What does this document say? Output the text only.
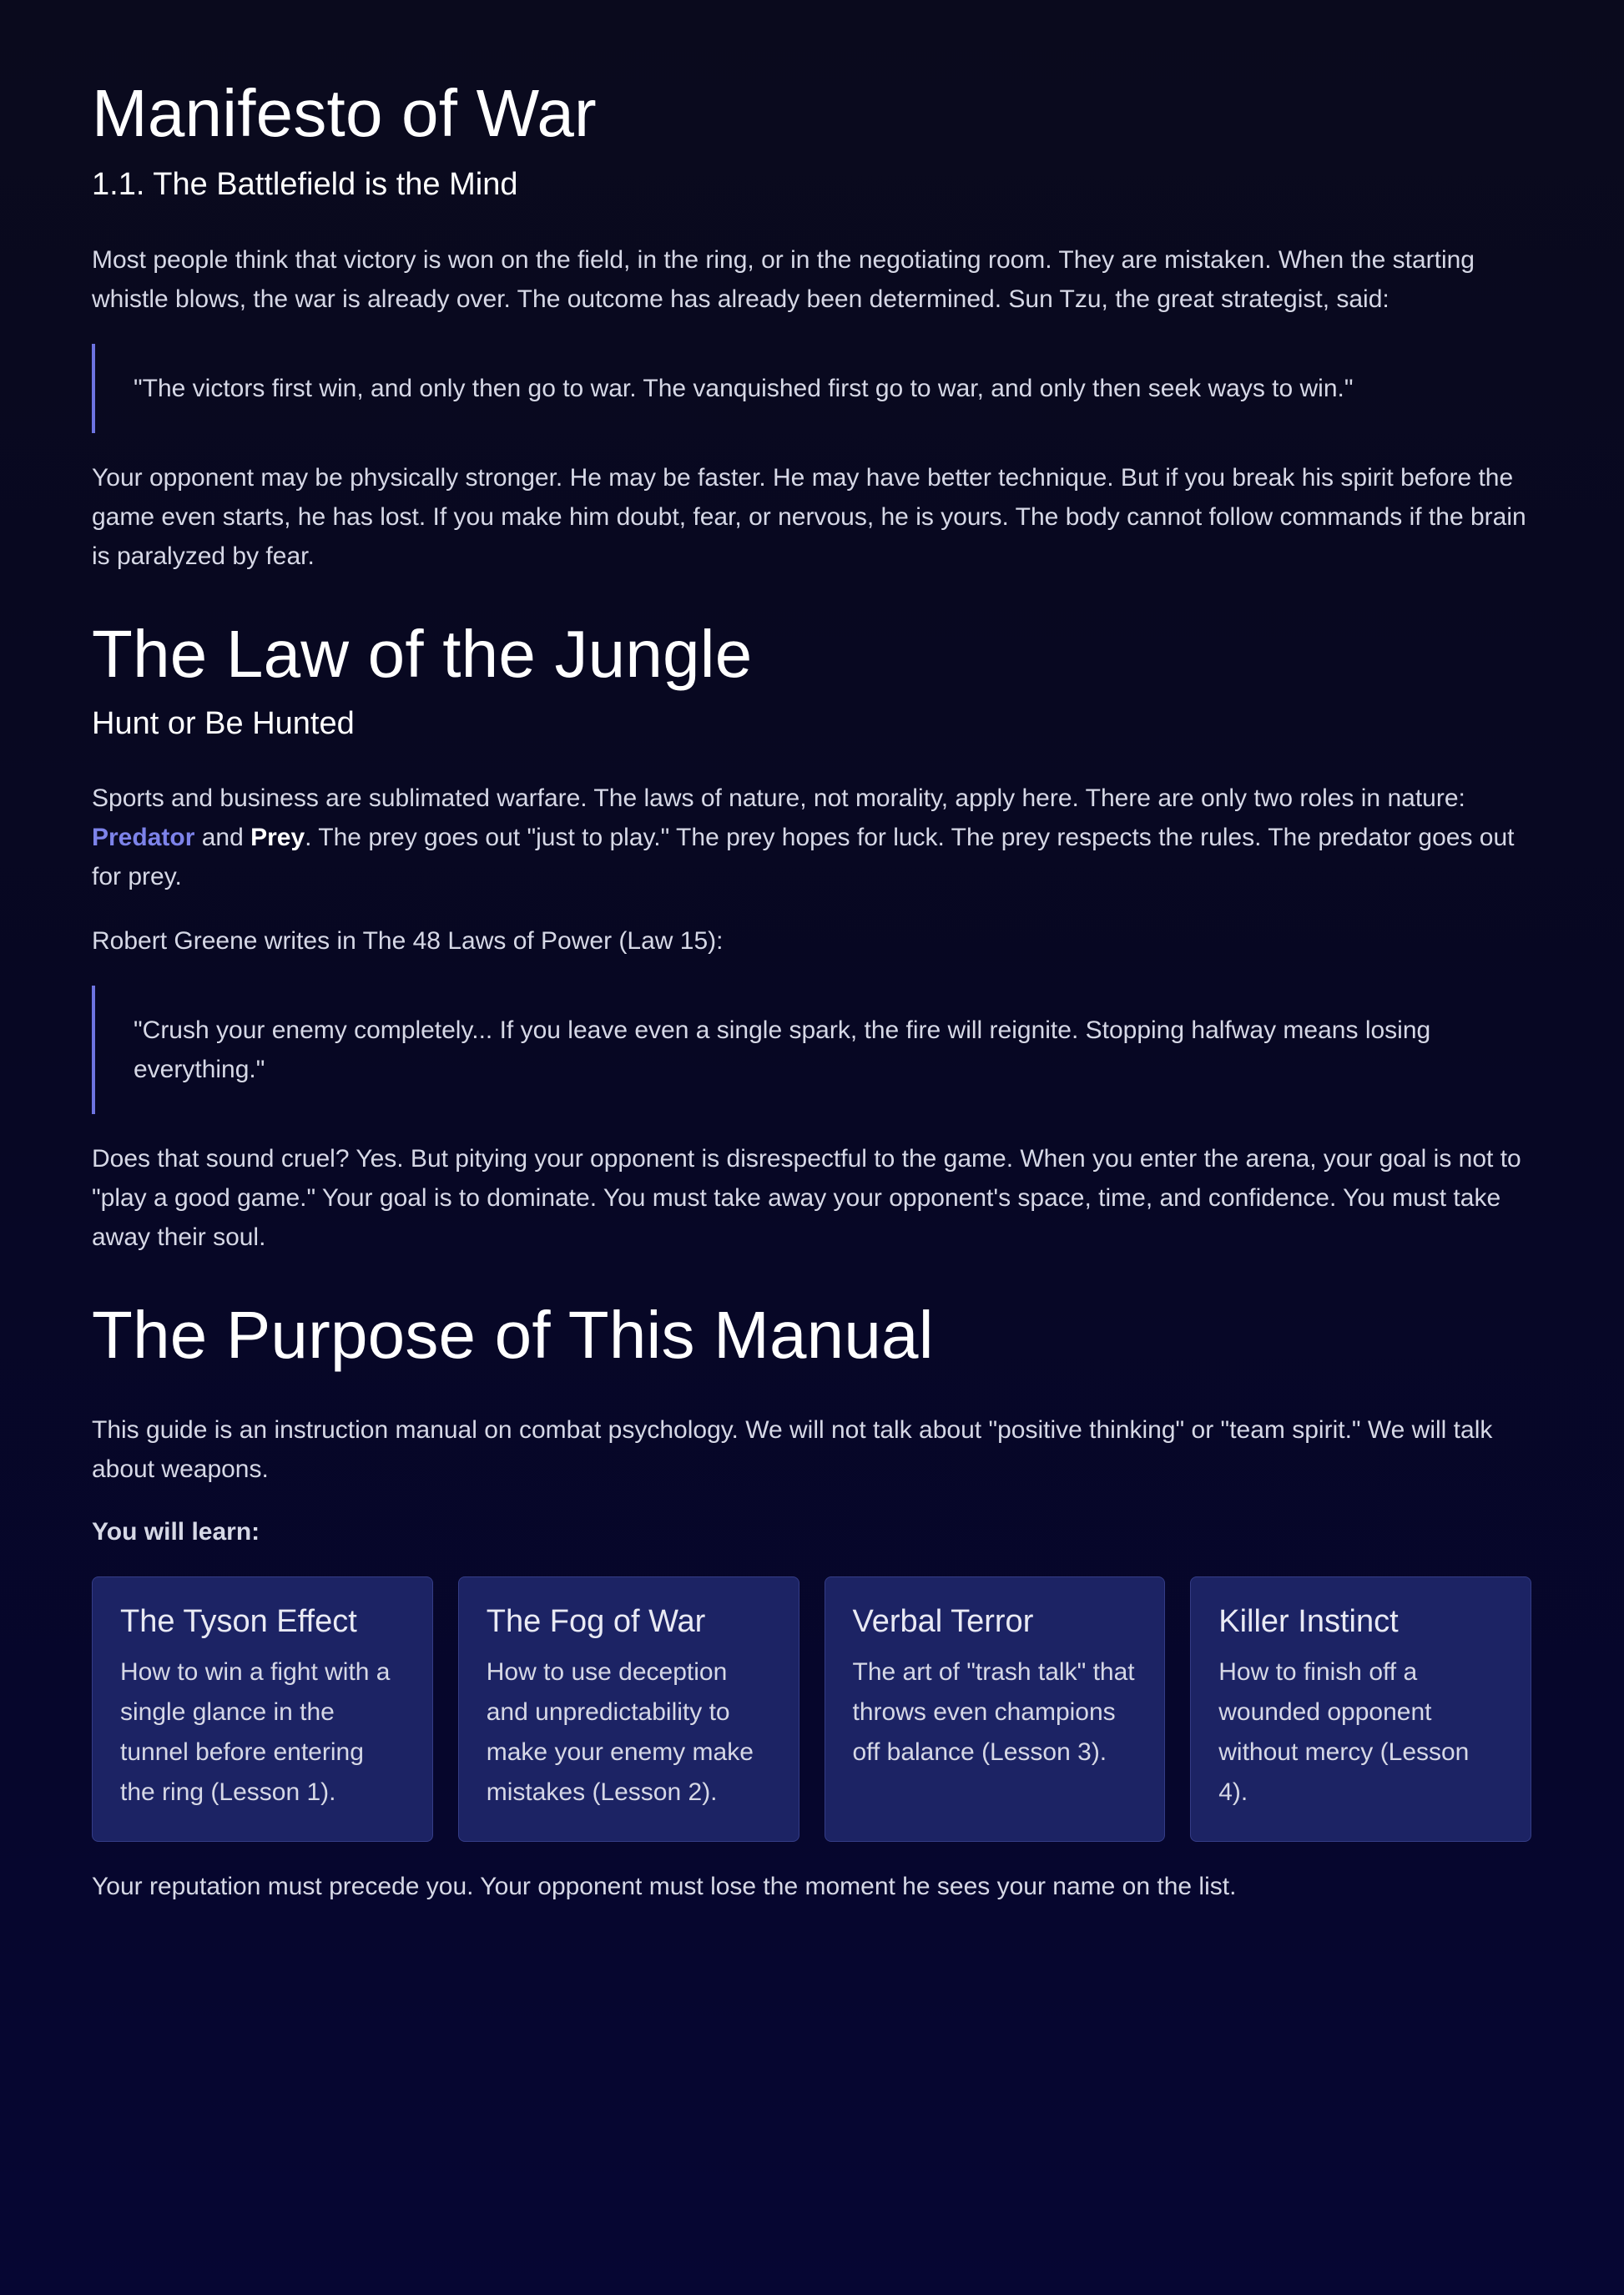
Manifesto of War
1.1. The Battlefield is the Mind

Most people think that victory is won on the field, in the ring, or in the negotiating room. They are mistaken. When the starting whistle blows, the war is already over. The outcome has already been determined. Sun Tzu, the great strategist, said:

"The victors first win, and only then go to war. The vanquished first go to war, and only then seek ways to win."

Your opponent may be physically stronger. He may be faster. He may have better technique. But if you break his spirit before the game even starts, he has lost. If you make him doubt, fear, or nervous, he is yours. The body cannot follow commands if the brain is paralyzed by fear.

The Law of the Jungle
Hunt or Be Hunted

Sports and business are sublimated warfare. The laws of nature, not morality, apply here. There are only two roles in nature: Predator and Prey. The prey goes out "just to play." The prey hopes for luck. The prey respects the rules. The predator goes out for prey.

Robert Greene writes in The 48 Laws of Power (Law 15):

"Crush your enemy completely... If you leave even a single spark, the fire will reignite. Stopping halfway means losing everything."

Does that sound cruel? Yes. But pitying your opponent is disrespectful to the game. When you enter the arena, your goal is not to "play a good game." Your goal is to dominate. You must take away your opponent's space, time, and confidence. You must take away their soul.

The Purpose of This Manual

This guide is an instruction manual on combat psychology. We will not talk about "positive thinking" or "team spirit." We will talk about weapons.

You will learn:

The Tyson Effect
How to win a fight with a single glance in the tunnel before entering the ring (Lesson 1).
The Fog of War
How to use deception and unpredictability to make your enemy make mistakes (Lesson 2).
Verbal Terror
The art of "trash talk" that throws even champions off balance (Lesson 3).
Killer Instinct
How to finish off a wounded opponent without mercy (Lesson 4).

Your reputation must precede you. Your opponent must lose the moment he sees your name on the list.
